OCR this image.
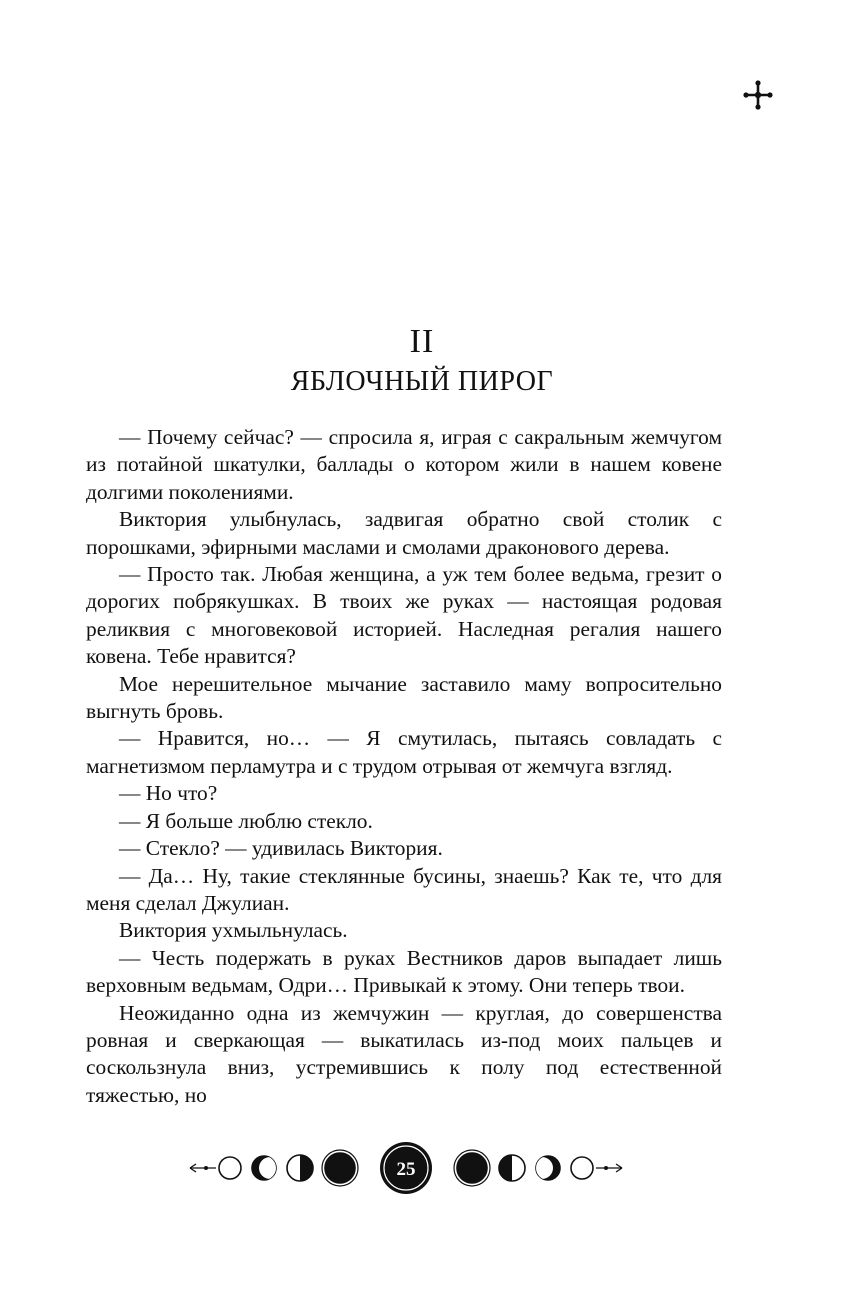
II
ЯБЛОЧНЫЙ ПИРОГ

— Почему сейчас? — спросила я, играя с сакральным жемчугом из потайной шкатулки, баллады о котором жили в нашем ковене долгими поколениями.

Виктория улыбнулась, задвигая обратно свой столик с порошками, эфирными маслами и смолами драконового дерева.

— Просто так. Любая женщина, а уж тем более ведьма, грезит о дорогих побрякушках. В твоих же руках — настоящая родовая реликвия с многовековой историей. Наследная регалия нашего ковена. Тебе нравится?

Мое нерешительное мычание заставило маму вопросительно выгнуть бровь.

— Нравится, но… — Я смутилась, пытаясь совладать с магнетизмом перламутра и с трудом отрывая от жемчуга взгляд.

— Но что?

— Я больше люблю стекло.

— Стекло? — удивилась Виктория.

— Да… Ну, такие стеклянные бусины, знаешь? Как те, что для меня сделал Джулиан.

Виктория ухмыльнулась.

— Честь подержать в руках Вестников даров выпадает лишь верховным ведьмам, Одри… Привыкай к этому. Они теперь твои.

Неожиданно одна из жемчужин — круглая, до совершенства ровная и сверкающая — выкатилась из-под моих пальцев и соскользнула вниз, устремившись к полу под естественной тяжестью, но

25
